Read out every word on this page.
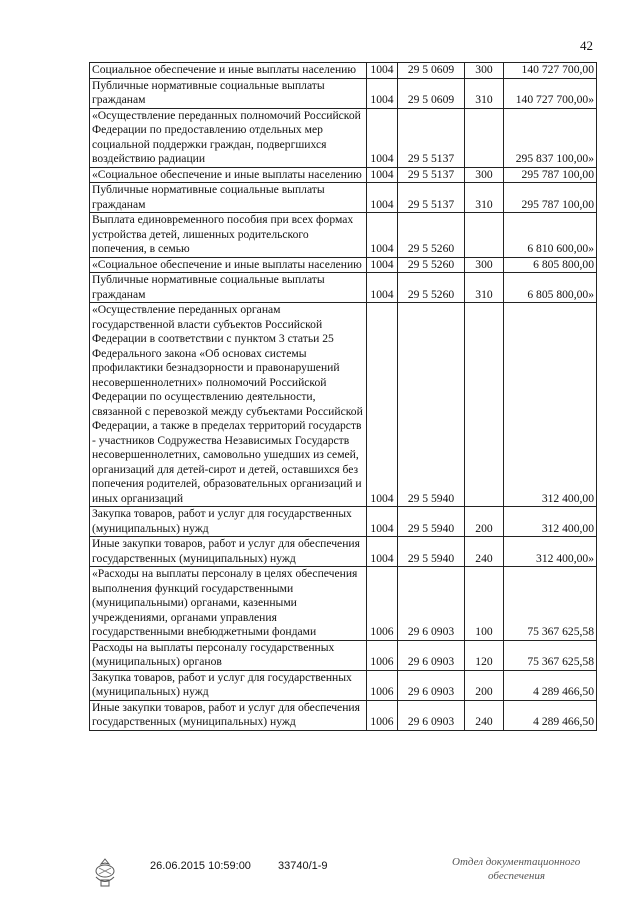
42
Социальное обеспечение и иные выплаты населению	1004	29 5 0609	300	140 727 700,00
Публичные нормативные социальные выплаты гражданам	1004	29 5 0609	310	140 727 700,00»
«Осуществление переданных полномочий Российской Федерации по предоставлению отдельных мер социальной поддержки граждан, подвергшихся воздействию радиации	1004	29 5 5137		295 837 100,00»
«Социальное обеспечение и иные выплаты населению	1004	29 5 5137	300	295 787 100,00
Публичные нормативные социальные выплаты гражданам	1004	29 5 5137	310	295 787 100,00
Выплата единовременного пособия при всех формах устройства детей, лишенных родительского попечения, в семью	1004	29 5 5260		6 810 600,00»
«Социальное обеспечение и иные выплаты населению	1004	29 5 5260	300	6 805 800,00
Публичные нормативные социальные выплаты гражданам	1004	29 5 5260	310	6 805 800,00»
«Осуществление переданных органам государственной власти субъектов Российской Федерации в соответствии с пунктом 3 статьи 25 Федерального закона «Об основах системы профилактики безнадзорности и правонарушений несовершеннолетних» полномочий Российской Федерации по осуществлению деятельности, связанной с перевозкой между субъектами Российской Федерации, а также в пределах территорий государств - участников Содружества Независимых Государств несовершеннолетних, самовольно ушедших из семей, организаций для детей-сирот и детей, оставшихся без попечения родителей, образовательных организаций и иных организаций	1004	29 5 5940		312 400,00
Закупка товаров, работ и услуг для государственных (муниципальных) нужд	1004	29 5 5940	200	312 400,00
Иные закупки товаров, работ и услуг для обеспечения государственных (муниципальных) нужд	1004	29 5 5940	240	312 400,00»
«Расходы на выплаты персоналу в целях обеспечения выполнения функций государственными (муниципальными) органами, казенными учреждениями, органами управления государственными внебюджетными фондами	1006	29 6 0903	100	75 367 625,58
Расходы на выплаты персоналу государственных (муниципальных) органов	1006	29 6 0903	120	75 367 625,58
Закупка товаров, работ и услуг для государственных (муниципальных) нужд	1006	29 6 0903	200	4 289 466,50
Иные закупки товаров, работ и услуг для обеспечения государственных (муниципальных) нужд	1006	29 6 0903	240	4 289 466,50
26.06.2015 10:59:00 33740/1-9	Отдел документационного
обеспечения
